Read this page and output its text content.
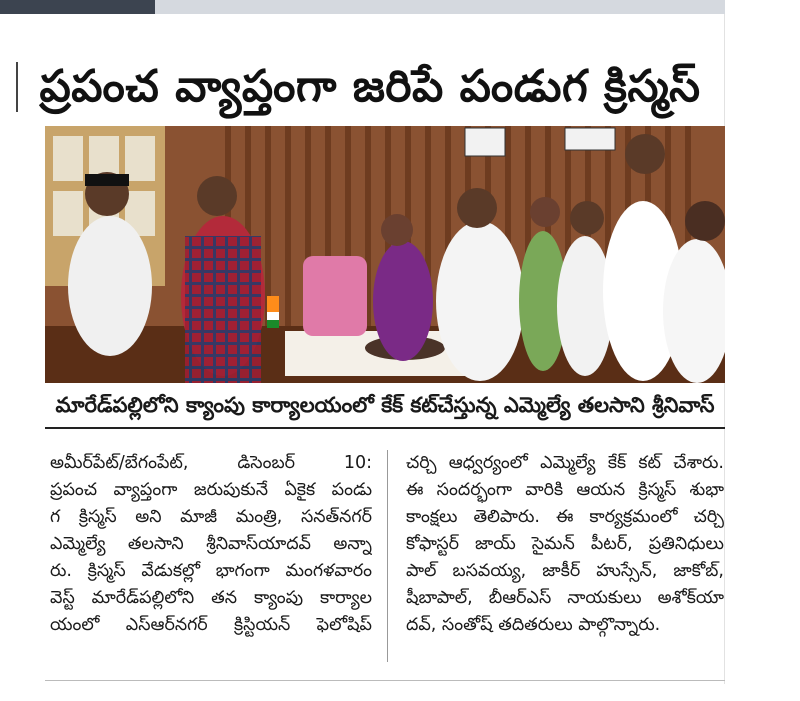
ప్రపంచ వ్యాప్తంగా జరిపే పండుగ క్రిస్మస్
మారేడ్‌పల్లిలోని క్యాంపు కార్యాలయంలో కేక్ కట్‌చేస్తున్న ఎమ్మెల్యే తలసాని శ్రీనివాస్
అమీర్‌పేట్/బేగంపేట్, డిసెంబర్ 10:
ప్రపంచ వ్యాప్తంగా జరుపుకునే ఏకైక పండు
గ క్రిస్మస్ అని మాజీ మంత్రి, సనత్‌నగర్
ఎమ్మెల్యే తలసాని శ్రీనివాస్‌యాదవ్ అన్నా
రు. క్రిస్మస్ వేడుకల్లో భాగంగా మంగళవారం
వెస్ట్ మారేడ్‌పల్లిలోని తన క్యాంపు కార్యాల
యంలో ఎస్‌ఆర్‌నగర్ క్రిస్టియన్ ఫెలోషిప్
చర్చి ఆధ్వర్యంలో ఎమ్మెల్యే కేక్ కట్ చేశారు.
ఈ సందర్భంగా వారికి ఆయన క్రిస్మస్ శుభా
కాంక్షలు తెలిపారు. ఈ కార్యక్రమంలో చర్చి
కోఫాస్టర్ జాయ్ సైమన్ పీటర్, ప్రతినిధులు
పాల్ బసవయ్య, జాకీర్ హుస్సేన్, జాకోబ్,
షీబాపాల్, బీఆర్‌ఎస్ నాయకులు అశోక్‌యా
దవ్, సంతోష్ తదితరులు పాల్గొన్నారు.
